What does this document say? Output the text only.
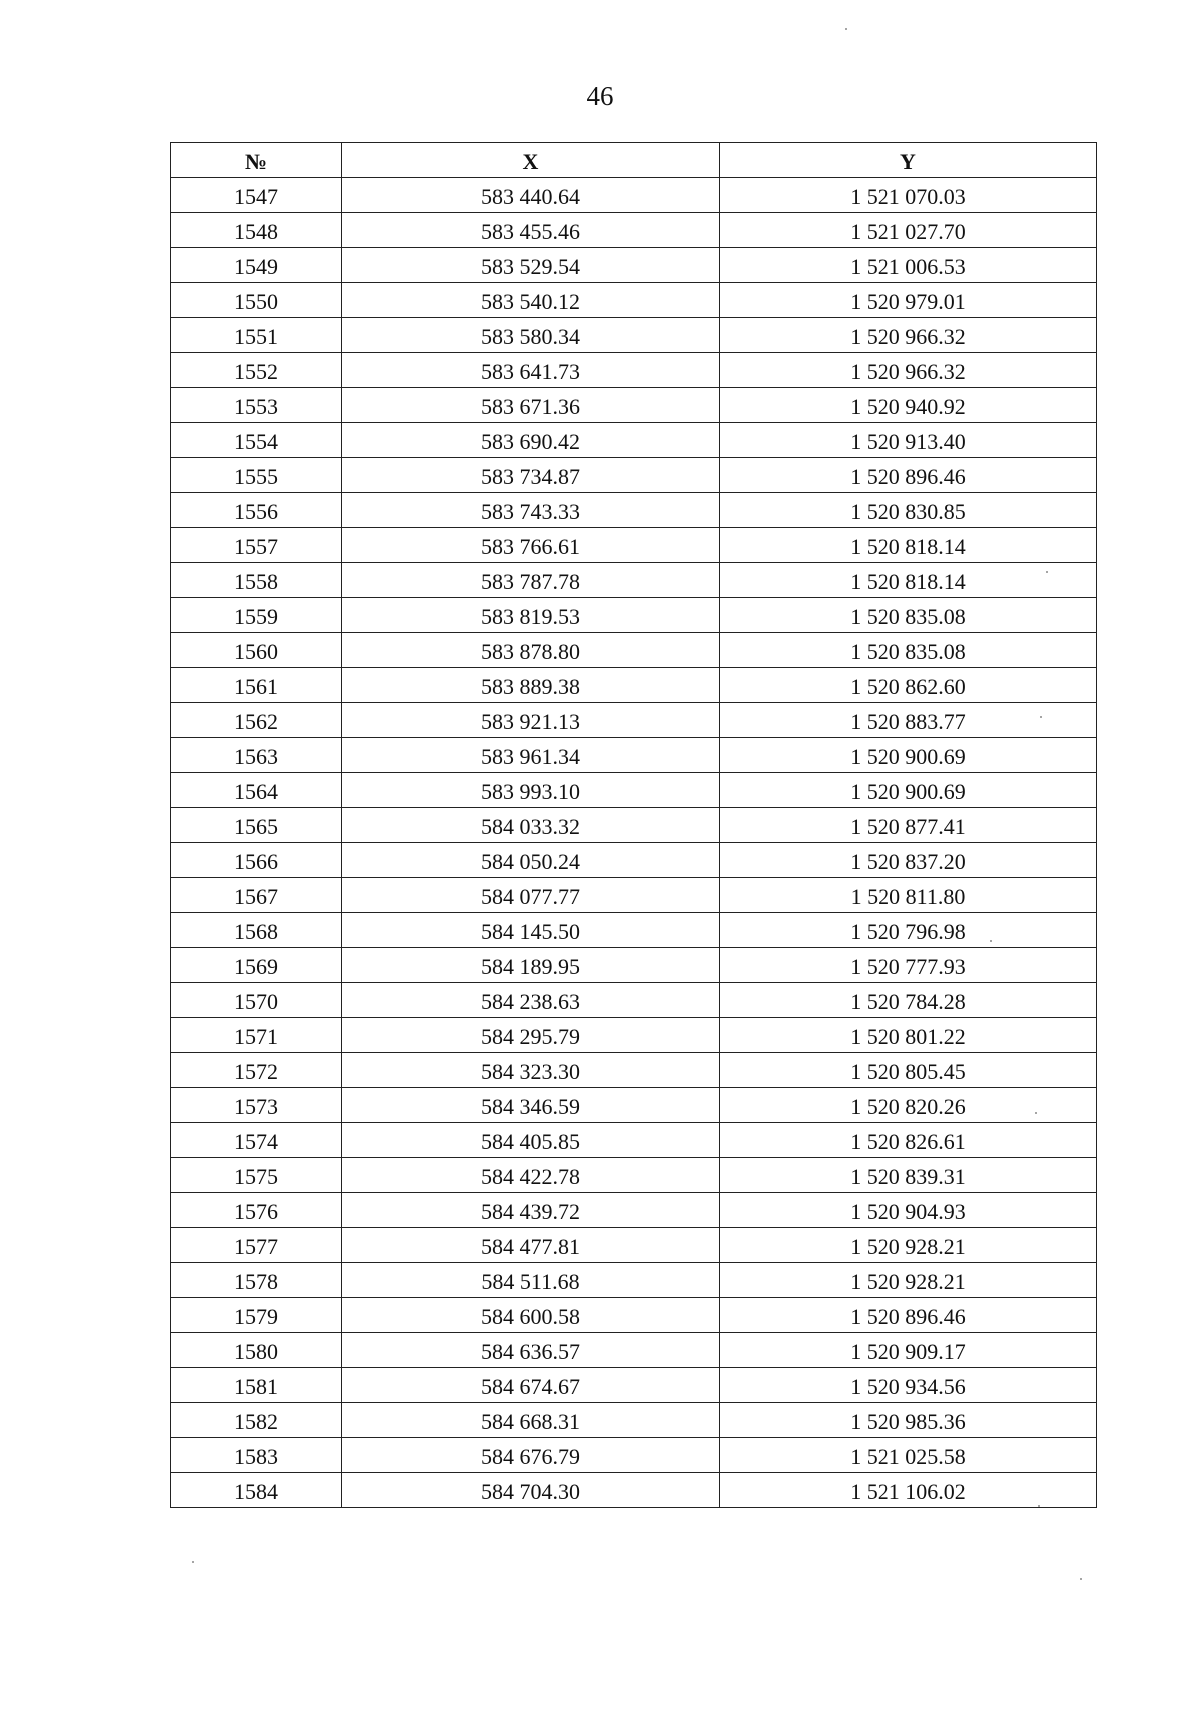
46
№	X	Y
1547	583 440.64	1 521 070.03
1548	583 455.46	1 521 027.70
1549	583 529.54	1 521 006.53
1550	583 540.12	1 520 979.01
1551	583 580.34	1 520 966.32
1552	583 641.73	1 520 966.32
1553	583 671.36	1 520 940.92
1554	583 690.42	1 520 913.40
1555	583 734.87	1 520 896.46
1556	583 743.33	1 520 830.85
1557	583 766.61	1 520 818.14
1558	583 787.78	1 520 818.14
1559	583 819.53	1 520 835.08
1560	583 878.80	1 520 835.08
1561	583 889.38	1 520 862.60
1562	583 921.13	1 520 883.77
1563	583 961.34	1 520 900.69
1564	583 993.10	1 520 900.69
1565	584 033.32	1 520 877.41
1566	584 050.24	1 520 837.20
1567	584 077.77	1 520 811.80
1568	584 145.50	1 520 796.98
1569	584 189.95	1 520 777.93
1570	584 238.63	1 520 784.28
1571	584 295.79	1 520 801.22
1572	584 323.30	1 520 805.45
1573	584 346.59	1 520 820.26
1574	584 405.85	1 520 826.61
1575	584 422.78	1 520 839.31
1576	584 439.72	1 520 904.93
1577	584 477.81	1 520 928.21
1578	584 511.68	1 520 928.21
1579	584 600.58	1 520 896.46
1580	584 636.57	1 520 909.17
1581	584 674.67	1 520 934.56
1582	584 668.31	1 520 985.36
1583	584 676.79	1 521 025.58
1584	584 704.30	1 521 106.02
